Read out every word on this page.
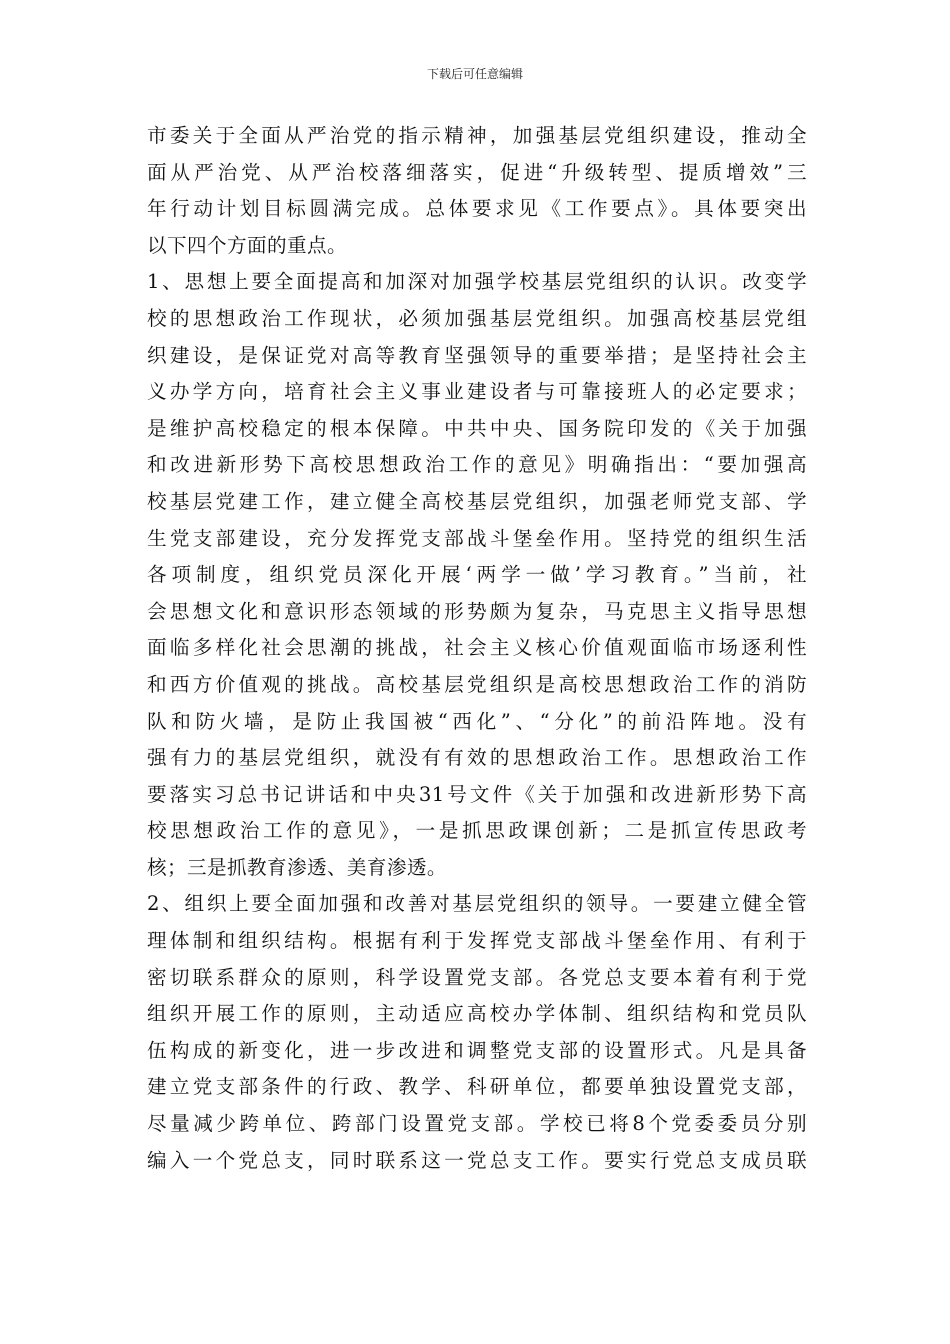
下载后可任意编辑
市委关于全面从严治党的指示精神，加强基层党组织建设，推动全
面从严治党、从严治校落细落实，促进“升级转型、提质增效”三
年行动计划目标圆满完成。总体要求见《工作要点》。具体要突出
以下四个方面的重点。
1、思想上要全面提高和加深对加强学校基层党组织的认识。改变学
校的思想政治工作现状，必须加强基层党组织。加强高校基层党组
织建设，是保证党对高等教育坚强领导的重要举措；是坚持社会主
义办学方向，培育社会主义事业建设者与可靠接班人的必定要求；
是维护高校稳定的根本保障。中共中央、国务院印发的《关于加强
和改进新形势下高校思想政治工作的意见》明确指出：“要加强高
校基层党建工作，建立健全高校基层党组织，加强老师党支部、学
生党支部建设，充分发挥党支部战斗堡垒作用。坚持党的组织生活
各项制度，组织党员深化开展‘两学一做’学习教育。”当前，社
会思想文化和意识形态领域的形势颇为复杂，马克思主义指导思想
面临多样化社会思潮的挑战，社会主义核心价值观面临市场逐利性
和西方价值观的挑战。高校基层党组织是高校思想政治工作的消防
队和防火墙，是防止我国被“西化”、“分化”的前沿阵地。没有
强有力的基层党组织，就没有有效的思想政治工作。思想政治工作
要落实习总书记讲话和中央31号文件《关于加强和改进新形势下高
校思想政治工作的意见》，一是抓思政课创新；二是抓宣传思政考
核；三是抓教育渗透、美育渗透。
2、组织上要全面加强和改善对基层党组织的领导。一要建立健全管
理体制和组织结构。根据有利于发挥党支部战斗堡垒作用、有利于
密切联系群众的原则，科学设置党支部。各党总支要本着有利于党
组织开展工作的原则，主动适应高校办学体制、组织结构和党员队
伍构成的新变化，进一步改进和调整党支部的设置形式。凡是具备
建立党支部条件的行政、教学、科研单位，都要单独设置党支部，
尽量减少跨单位、跨部门设置党支部。学校已将8个党委委员分别
编入一个党总支，同时联系这一党总支工作。要实行党总支成员联
